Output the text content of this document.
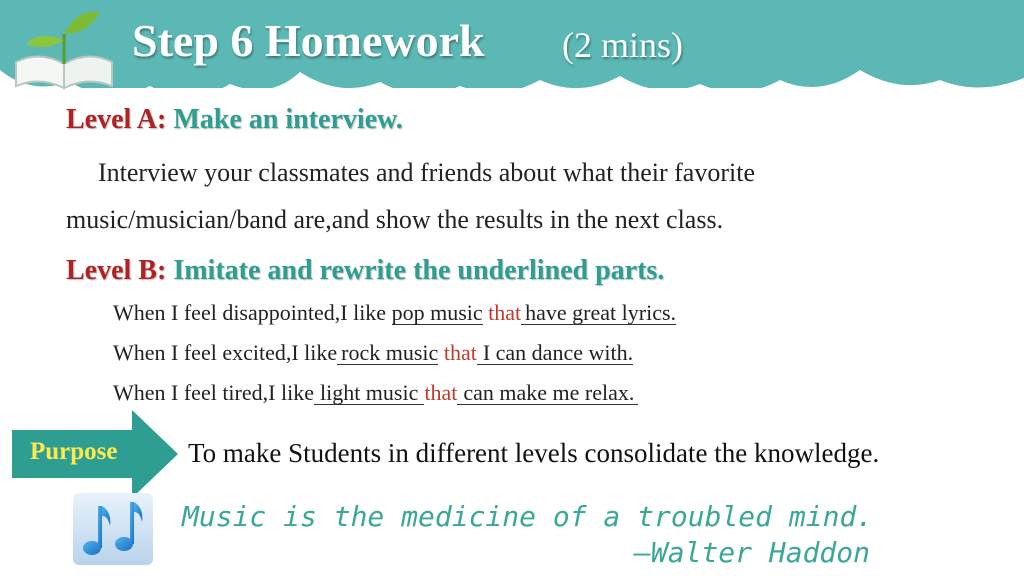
Step 6 Homework (2 mins)
Level A: Make an interview.
Interview your classmates and friends about what their favorite
music/musician/band are,and show the results in the next class.
Level B: Imitate and rewrite the underlined parts.
When I feel disappointed,I like pop music that have great lyrics.
When I feel excited,I like rock music that I can dance with.
When I feel tired,I like light music that can make me relax.
Purpose	To make Students in different levels consolidate the knowledge.
Music is the medicine of a troubled mind.
—Walter Haddon
